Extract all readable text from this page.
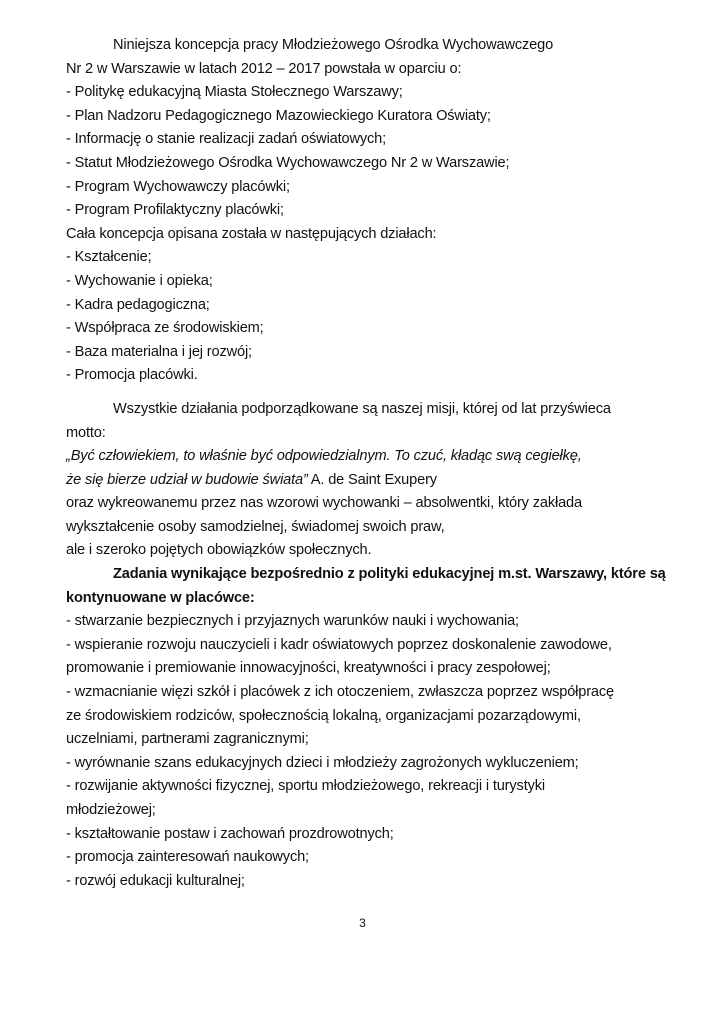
Niniejsza koncepcja pracy Młodzieżowego Ośrodka Wychowawczego
Nr 2 w Warszawie w latach 2012 – 2017 powstała w oparciu o:
- Politykę edukacyjną Miasta Stołecznego Warszawy;
- Plan Nadzoru Pedagogicznego Mazowieckiego Kuratora Oświaty;
- Informację o stanie realizacji zadań oświatowych;
- Statut Młodzieżowego Ośrodka Wychowawczego Nr 2 w Warszawie;
- Program Wychowawczy placówki;
- Program Profilaktyczny placówki;
Cała koncepcja opisana została w następujących działach:
- Kształcenie;
- Wychowanie i opieka;
- Kadra pedagogiczna;
- Współpraca ze środowiskiem;
- Baza materialna i jej rozwój;
- Promocja placówki.
Wszystkie działania podporządkowane są naszej misji, której od lat przyświeca
motto:
„Być człowiekiem, to właśnie być odpowiedzialnym. To czuć, kładąc swą cegiełkę,
że się bierze udział w budowie świata” A. de Saint Exupery
oraz wykreowanemu przez nas wzorowi wychowanki – absolwentki, który zakłada
wykształcenie osoby samodzielnej, świadomej swoich praw,
ale i szeroko pojętych obowiązków społecznych.
Zadania wynikające bezpośrednio z polityki edukacyjnej m.st. Warszawy, które są
kontynuowane w placówce:
- stwarzanie bezpiecznych i przyjaznych warunków nauki i wychowania;
- wspieranie rozwoju nauczycieli i kadr oświatowych poprzez doskonalenie zawodowe,
promowanie i premiowanie innowacyjności, kreatywności i pracy zespołowej;
- wzmacnianie więzi szkół i placówek z ich otoczeniem, zwłaszcza poprzez współpracę
ze środowiskiem rodziców, społecznością lokalną, organizacjami pozarządowymi,
uczelniami, partnerami zagranicznymi;
- wyrównanie szans edukacyjnych dzieci i młodzieży zagrożonych wykluczeniem;
- rozwijanie aktywności fizycznej, sportu młodzieżowego, rekreacji i turystyki
młodzieżowej;
- kształtowanie postaw i zachowań prozdrowotnych;
- promocja zainteresowań naukowych;
- rozwój edukacji kulturalnej;
3
